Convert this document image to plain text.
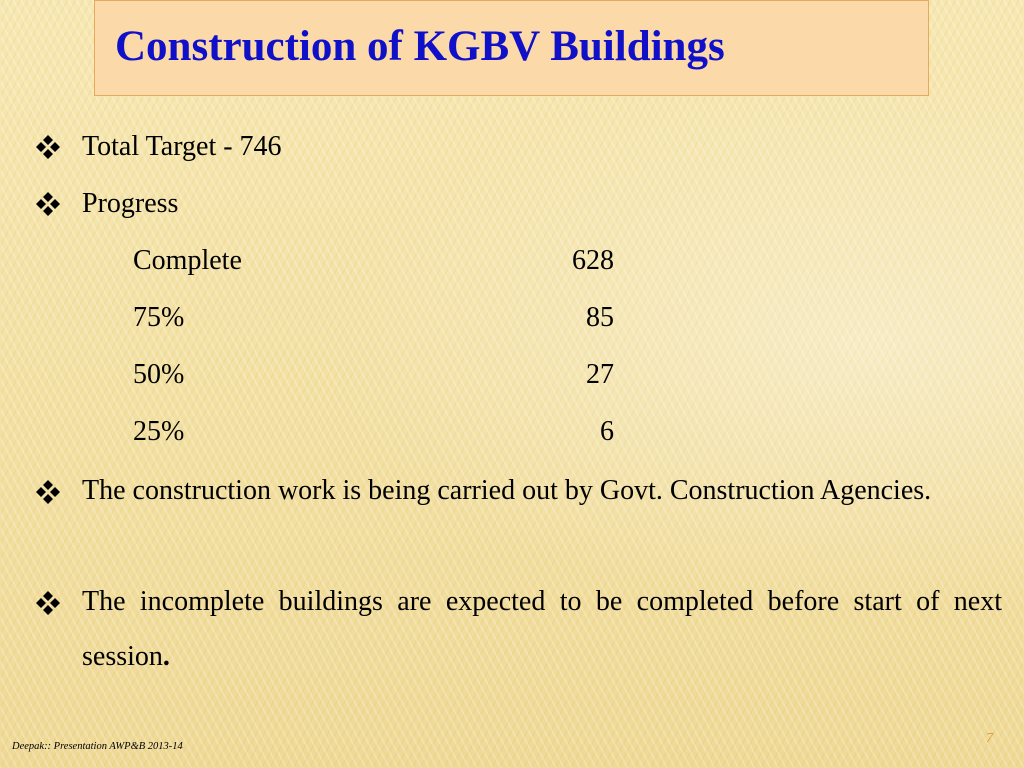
Construction of KGBV Buildings
Total Target - 746
Progress
Complete	628
75%	85
50%	27
25%	6
The construction work is being carried out by Govt. Construction Agencies.
The incomplete buildings are expected to be completed before start of next session.
Deepak:: Presentation AWP&B 2013-14
7
